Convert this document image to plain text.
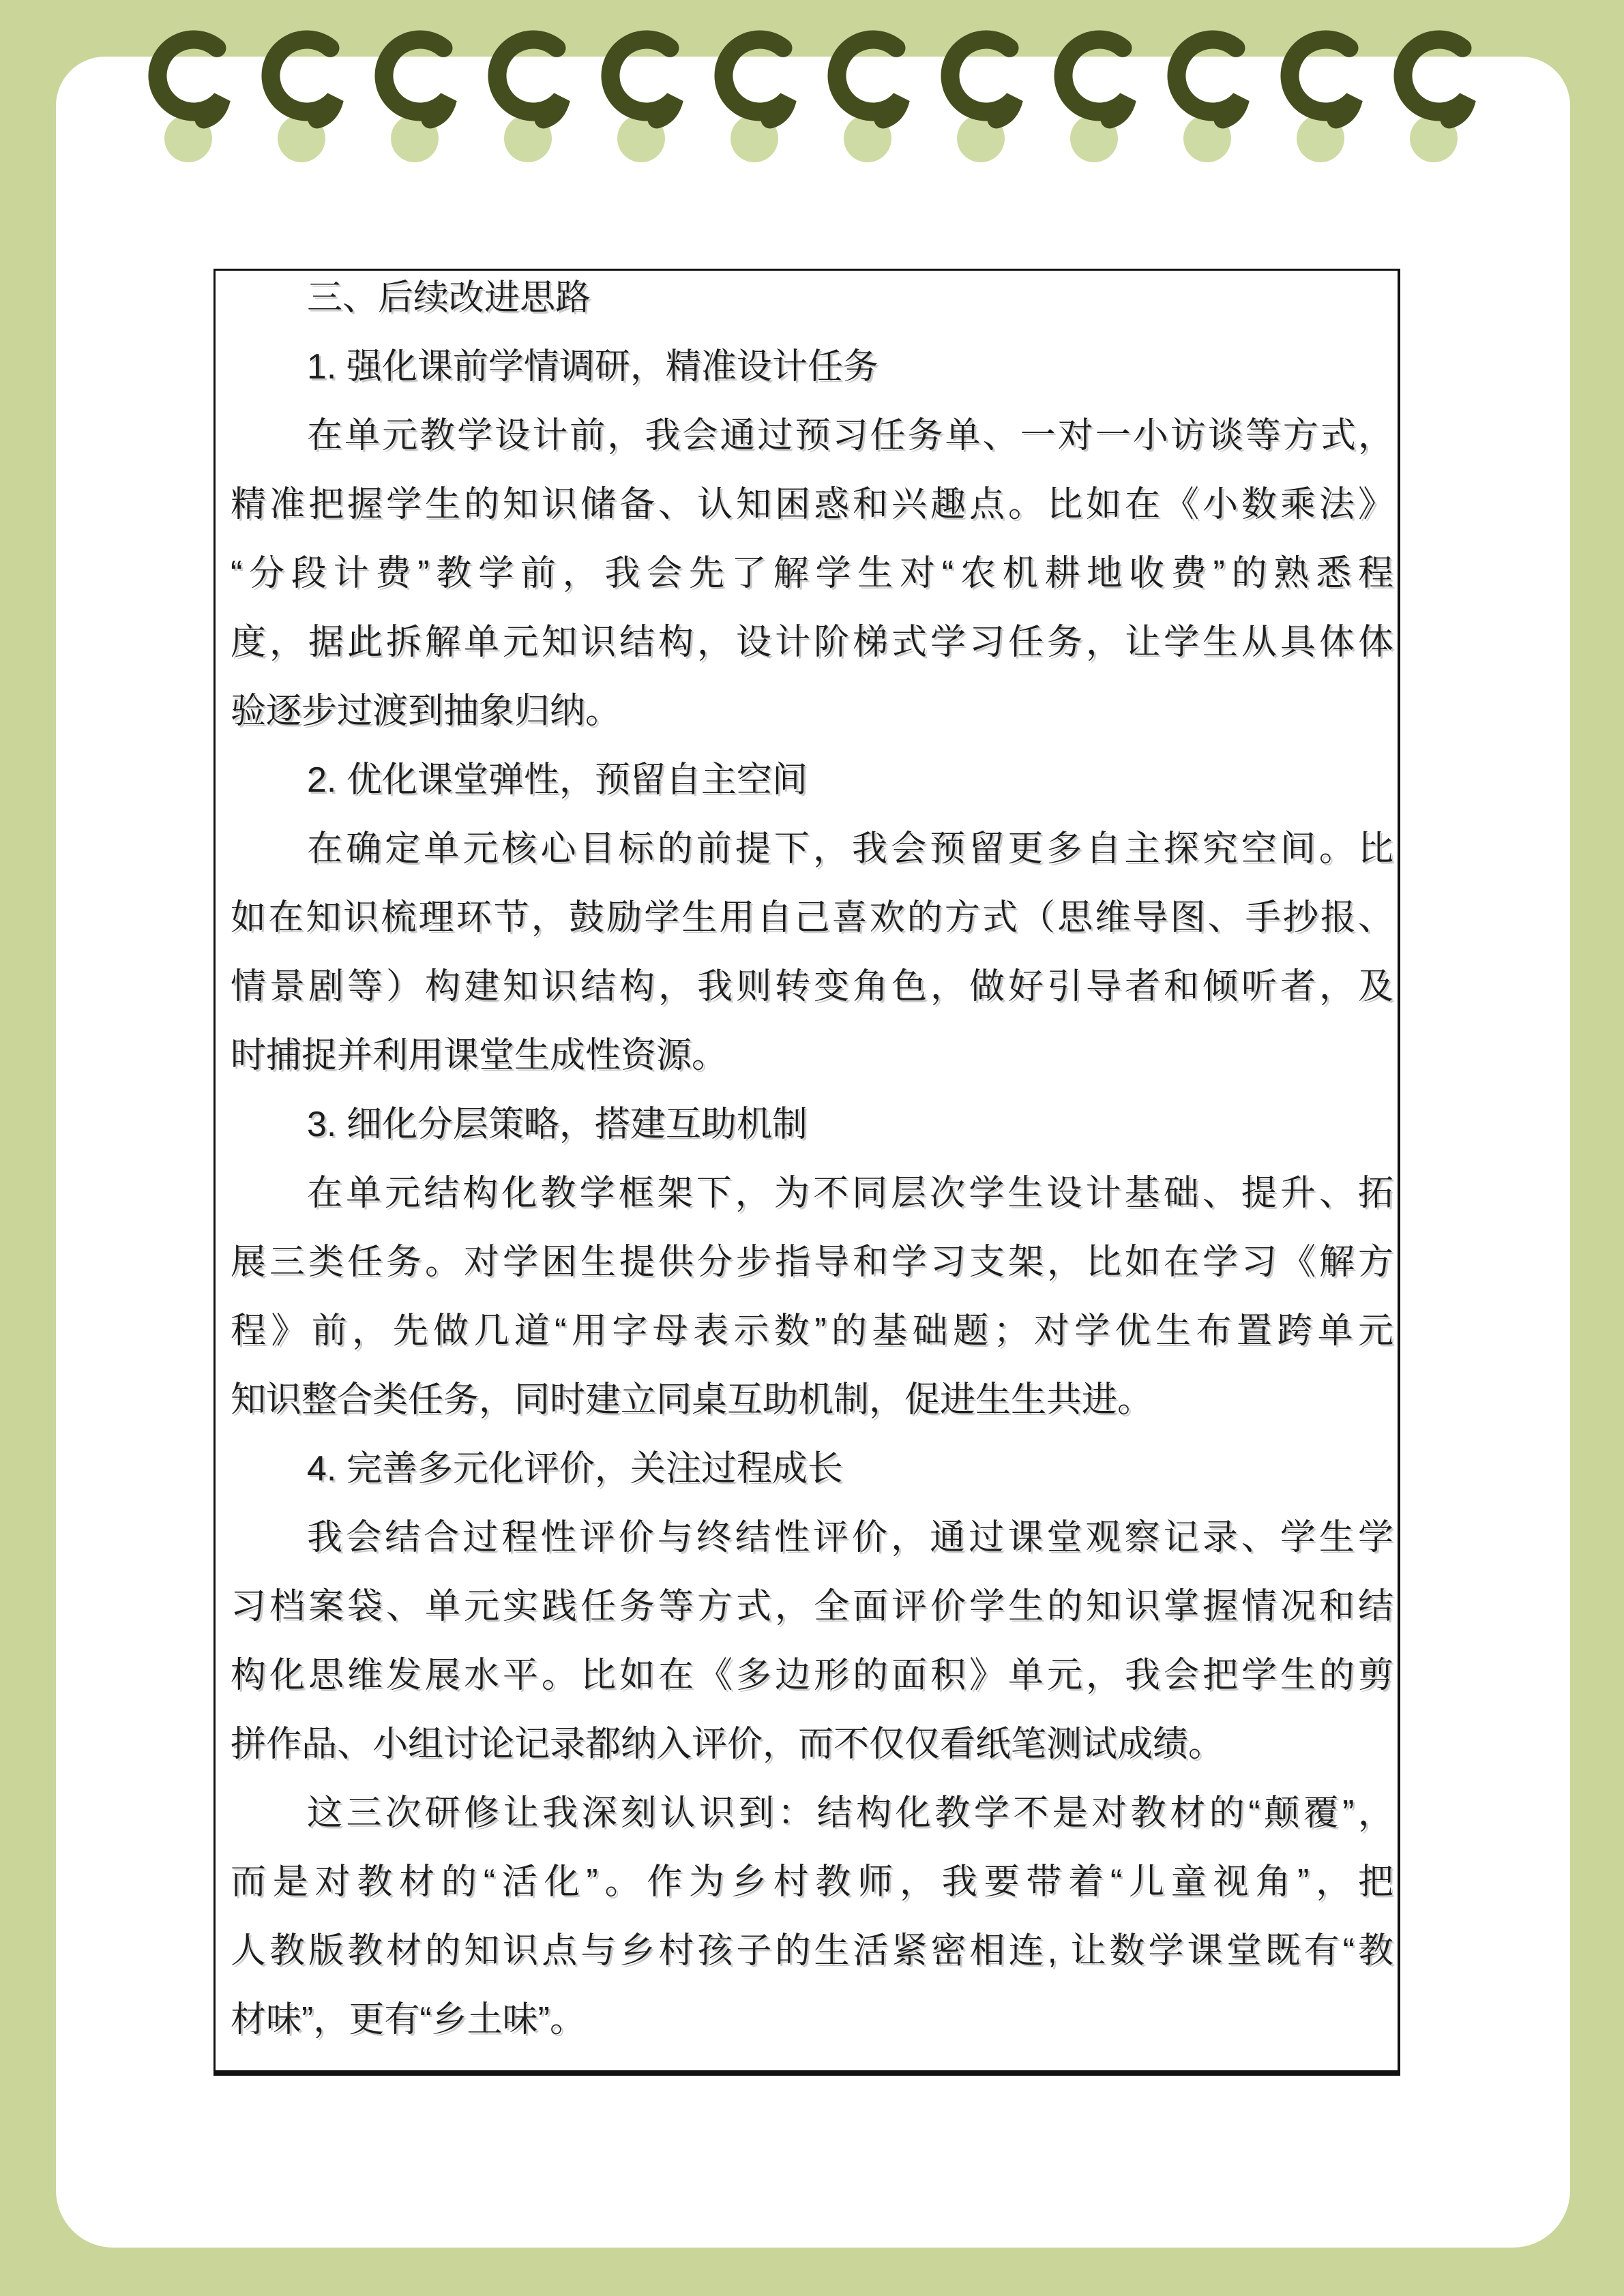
三、后续改进思路

1. 强化课前学情调研，精准设计任务

在单元教学设计前，我会通过预习任务单、一对一小访谈等方式，

精准把握学生的知识储备、认知困惑和兴趣点。比如在《小数乘法》

“分段计费”教学前，我会先了解学生对“农机耕地收费”的熟悉程

度，据此拆解单元知识结构，设计阶梯式学习任务，让学生从具体体

验逐步过渡到抽象归纳。

2. 优化课堂弹性，预留自主空间

在确定单元核心目标的前提下，我会预留更多自主探究空间。比

如在知识梳理环节，鼓励学生用自己喜欢的方式（思维导图、手抄报、

情景剧等）构建知识结构，我则转变角色，做好引导者和倾听者，及

时捕捉并利用课堂生成性资源。

3. 细化分层策略，搭建互助机制

在单元结构化教学框架下，为不同层次学生设计基础、提升、拓

展三类任务。对学困生提供分步指导和学习支架，比如在学习《解方

程》前，先做几道“用字母表示数”的基础题；对学优生布置跨单元

知识整合类任务，同时建立同桌互助机制，促进生生共进。

4. 完善多元化评价，关注过程成长

我会结合过程性评价与终结性评价，通过课堂观察记录、学生学

习档案袋、单元实践任务等方式，全面评价学生的知识掌握情况和结

构化思维发展水平。比如在《多边形的面积》单元，我会把学生的剪

拼作品、小组讨论记录都纳入评价，而不仅仅看纸笔测试成绩。

这三次研修让我深刻认识到：结构化教学不是对教材的“颠覆”，

而是对教材的“活化”。作为乡村教师，我要带着“儿童视角”，把

人教版教材的知识点与乡村孩子的生活紧密相连, 让数学课堂既有“教

材味”，更有“乡土味”。
